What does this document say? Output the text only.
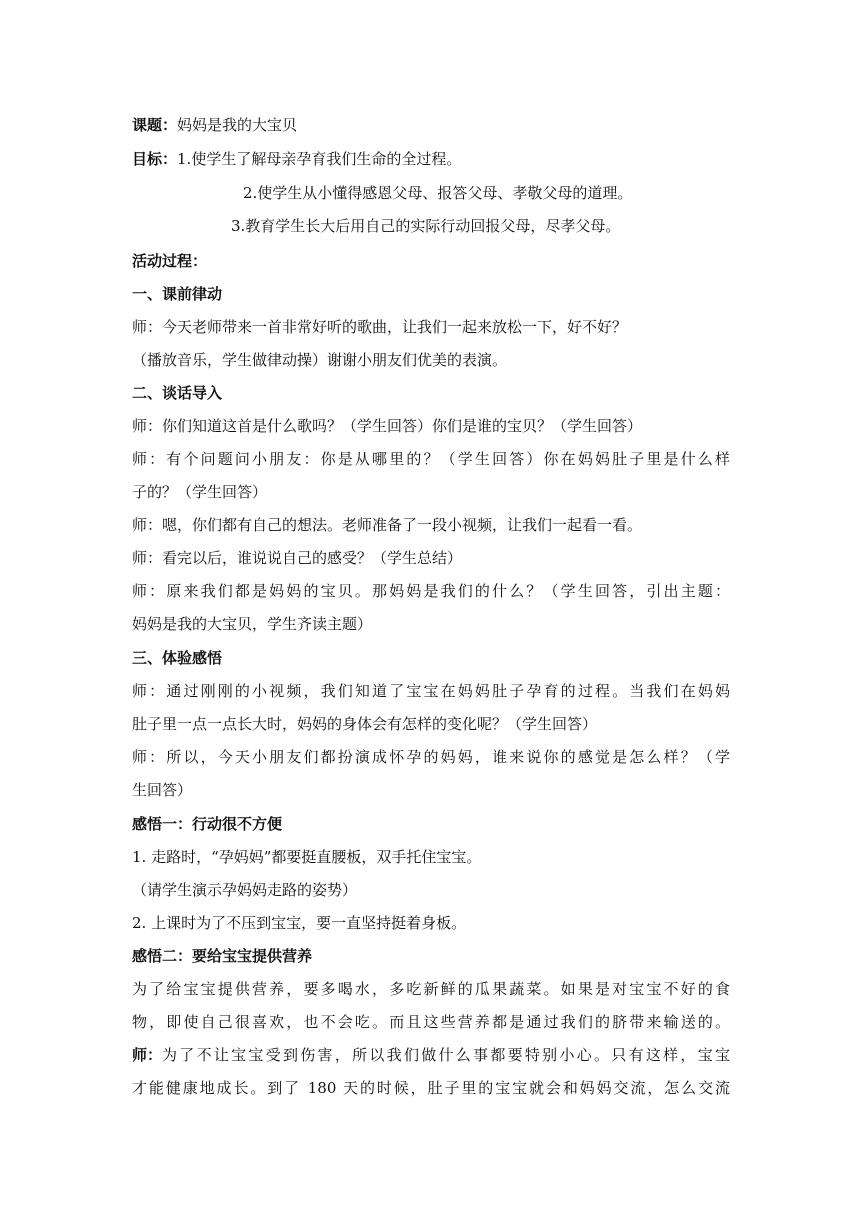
课题：妈妈是我的大宝贝
目标：1.使学生了解母亲孕育我们生命的全过程。
2.使学生从小懂得感恩父母、报答父母、孝敬父母的道理。
3.教育学生长大后用自己的实际行动回报父母，尽孝父母。
活动过程：
一、课前律动
师：今天老师带来一首非常好听的歌曲，让我们一起来放松一下，好不好？
（播放音乐，学生做律动操）谢谢小朋友们优美的表演。
二、谈话导入
师：你们知道这首是什么歌吗？（学生回答）你们是谁的宝贝？（学生回答）
师：有个问题问小朋友：你是从哪里的？（学生回答）你在妈妈肚子里是什么样
子的？（学生回答）
师：嗯，你们都有自己的想法。老师准备了一段小视频，让我们一起看一看。
师：看完以后，谁说说自己的感受？（学生总结）
师：原来我们都是妈妈的宝贝。那妈妈是我们的什么？（学生回答，引出主题：
妈妈是我的大宝贝，学生齐读主题）
三、体验感悟
师：通过刚刚的小视频，我们知道了宝宝在妈妈肚子孕育的过程。当我们在妈妈
肚子里一点一点长大时，妈妈的身体会有怎样的变化呢？（学生回答）
师：所以，今天小朋友们都扮演成怀孕的妈妈，谁来说你的感觉是怎么样？（学
生回答）
感悟一：行动很不方便
1. 走路时，“孕妈妈”都要挺直腰板，双手托住宝宝。
（请学生演示孕妈妈走路的姿势）
2. 上课时为了不压到宝宝，要一直坚持挺着身板。
感悟二：要给宝宝提供营养
为了给宝宝提供营养，要多喝水，多吃新鲜的瓜果蔬菜。如果是对宝宝不好的食
物，即使自己很喜欢，也不会吃。而且这些营养都是通过我们的脐带来输送的。
师： 为了不让宝宝受到伤害，所以我们做什么事都要特别小心。只有这样，宝宝
才能健康地成长。到了 180 天的时候，肚子里的宝宝就会和妈妈交流，怎么交流
